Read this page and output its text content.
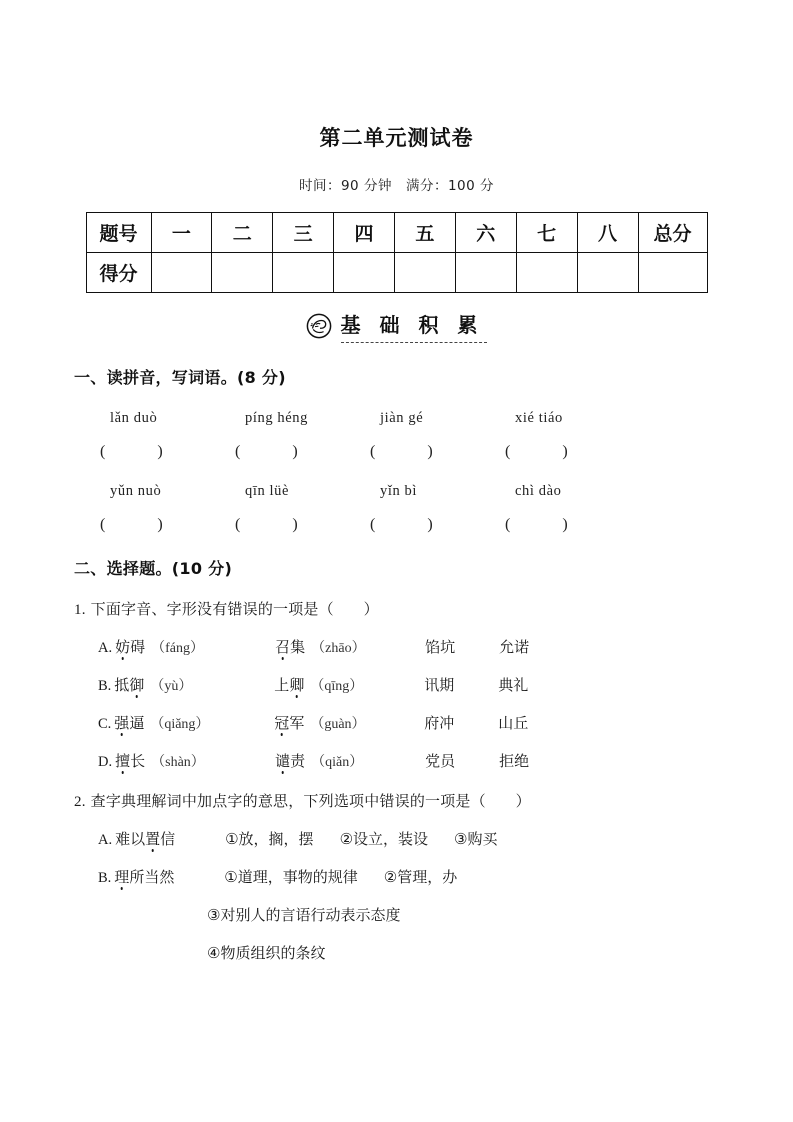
第二单元测试卷
时间：90 分钟 满分：100 分
题号	一	二	三	四	五	六	七	八	总分
得分									
基 础 积 累
一、读拼音，写词语。(8 分)
lǎn duò	píng héng	jiàn gé	xié tiáo
(	)	(	)	(	)	(	)
yǔn nuò	qīn lüè	yǐn bì	chì dào
(	)	(	)	(	)	(	)
二、选择题。(10 分)
1. 下面字音、字形没有错误的一项是（ ）
A. 妨碍 （fáng）	召集 （zhāo）	馅坑	允诺
B. 抵御 （yù）	上卿 （qīng）	讯期	典礼
C. 强逼 （qiǎng）	冠军 （guàn）	府冲	山丘
D. 擅长 （shàn）	谴责 （qiǎn）	党员	拒绝
2. 查字典理解词中加点字的意思，下列选项中错误的一项是（ ）
A. 难以置信	①放，搁，摆 ②设立，装设 ③购买
B. 理所当然	①道理，事物的规律 ②管理，办
③对别人的言语行动表示态度
④物质组织的条纹
